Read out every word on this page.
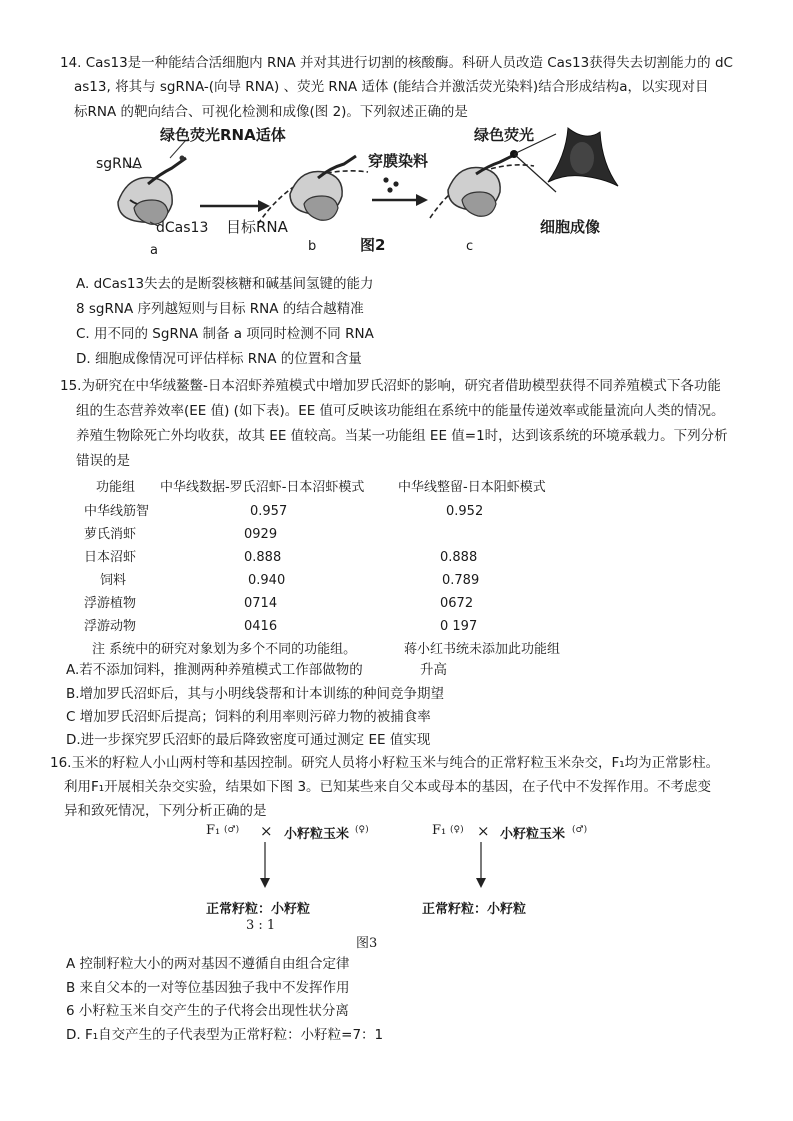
14. Cas13是一种能结合活细胞内 RNA 并对其进行切割的核酸酶。科研人员改造 Cas13获得失去切割能力的 dC
as13, 将其与 sgRNA-(向导 RNA) 、荧光 RNA 适体 (能结合并激活荧光染料)结合形成结构a，以实现对目
标RNA 的靶向结合、可视化检测和成像(图 2)。下列叙述正确的是
绿色荧光RNA适体
sgRNA
dCas13
a
目标RNA
b
穿膜染料
绿色荧光
c
图2
细胞成像
A. dCas13失去的是断裂核糖和碱基间氢键的能力
8 sgRNA 序列越短则与目标 RNA 的结合越精准
C. 用不同的 SgRNA 制备 a 项同时检测不同 RNA
D. 细胞成像情况可评估样标 RNA 的位置和含量
15.为研究在中华绒鳌鳖-日本沼虾养殖模式中增加罗氏沼虾的影响，研究者借助模型获得不同养殖模式下各功能
组的生态营养效率(EE 值) (如下表)。EE 值可反映该功能组在系统中的能量传递效率或能量流向人类的情况。
养殖生物除死亡外均收获，故其 EE 值较高。当某一功能组 EE 值=1时，达到该系统的环境承载力。下列分析
错误的是
功能组 中华线数据-罗氏沼虾-日本沼虾模式	中华线整留-日本阳虾模式
中华线筋智	0.957	0.952
萝氏消虾	0929
日本沼虾	0.888	0.888
饲料	0.940	0.789
浮游植物	0714	0672
浮游动物	0416	0 197
注 系统中的研究对象划为多个不同的功能组。	蒋小红书统未添加此功能组
A.若不添加饲料，推测两种养殖模式工作部做物的	升高
B.增加罗氏沼虾后，其与小明线袋帮和计本训练的种间竞争期望
C 增加罗氏沼虾后提高；饲料的利用率则污碎力物的被捕食率
D.进一步探究罗氏沼虾的最后降致密度可通过测定 EE 值实现
16.玉米的籽粒人小山两村等和基因控制。研究人员将小籽粒玉米与纯合的正常籽粒玉米杂交，F₁均为正常影柱。
利用F₁开展相关杂交实验，结果如下图 3。已知某些来自父本或母本的基因，在子代中不发挥作用。不考虑变
异和致死情况，下列分析正确的是
F₁ (♂) × 小籽粒玉米 (♀)
正常籽粒：小籽粒
3 : 1
F₁ (♀) × 小籽粒玉米 (♂)
正常籽粒：小籽粒
图3
A 控制籽粒大小的两对基因不遵循自由组合定律
B 来自父本的一对等位基因独子我中不发挥作用
6 小籽粒玉米自交产生的子代将会出现性状分离
D. F₁自交产生的子代表型为正常籽粒：小籽粒=7：1
